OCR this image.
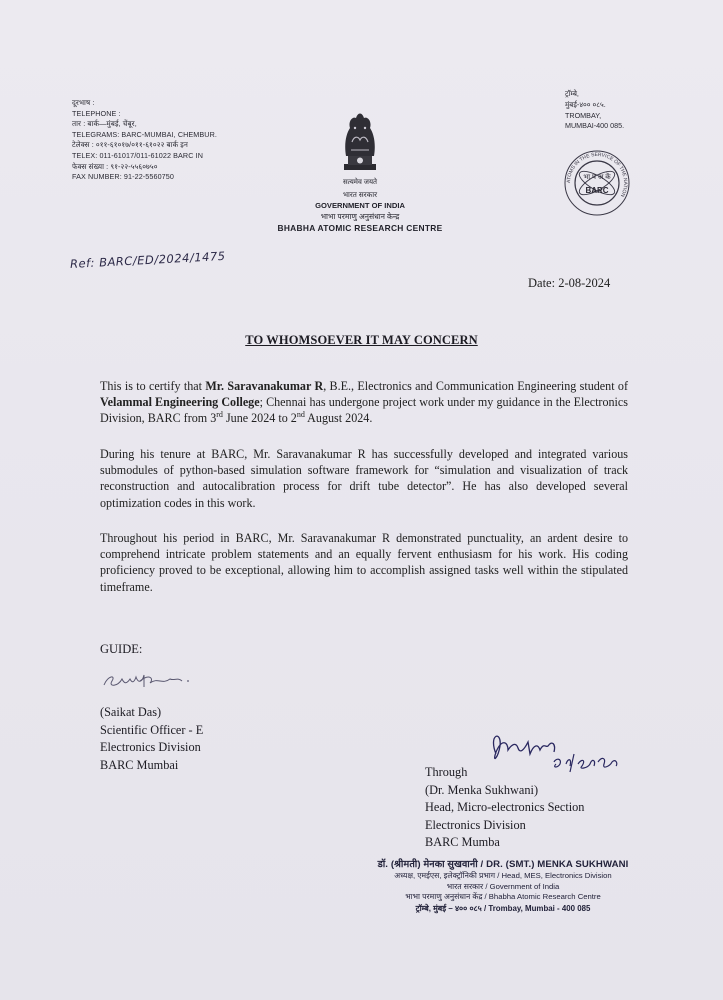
दूरभाष :
TELEPHONE :
तार : बार्क—मुंबई, चेंबूर,
TELEGRAMS: BARC-MUMBAI, CHEMBUR.
टेलेक्स : ०११-६१०१७/०११-६१०२२ बार्क इन
TELEX: 011-61017/011-61022 BARC IN
फेक्स संख्या : ९१-२२-५५६०७५०
FAX NUMBER: 91-22-5560750
ट्रॉम्बे,
मुंबई-४०० ०८५.
TROMBAY,
MUMBAI-400 085.
सत्यमेव जयते
भारत सरकार
GOVERNMENT OF INDIA
भाभा परमाणु अनुसंधान केन्द्र
BHABHA ATOMIC RESEARCH CENTRE
ATOMS IN THE SERVICE OF THE NATION
भा प अ कें
BARC
Ref: BARC/ED/2024/1475
Date: 2-08-2024
TO WHOMSOEVER IT MAY CONCERN
This is to certify that Mr. Saravanakumar R, B.E., Electronics and Communication Engineering student of Velammal Engineering College; Chennai has undergone project work under my guidance in the Electronics Division, BARC from 3rd June 2024 to 2nd August 2024.
During his tenure at BARC, Mr. Saravanakumar R has successfully developed and integrated various submodules of python-based simulation software framework for “simulation and visualization of track reconstruction and autocalibration process for drift tube detector”. He has also developed several optimization codes in this work.
Throughout his period in BARC, Mr. Saravanakumar R demonstrated punctuality, an ardent desire to comprehend intricate problem statements and an equally fervent enthusiasm for his work. His coding proficiency proved to be exceptional, allowing him to accomplish assigned tasks well within the stipulated timeframe.
GUIDE:
(Saikat Das)
Scientific Officer - E
Electronics Division
BARC Mumbai
Through
(Dr. Menka Sukhwani)
Head, Micro-electronics Section
Electronics Division
BARC Mumba
डॉ. (श्रीमती) मेनका सुखवानी / DR. (SMT.) MENKA SUKHWANI
अध्यक्ष, एमईएस, इलेक्ट्रॉनिकी प्रभाग / Head, MES, Electronics Division
भारत सरकार / Government of India
भाभा परमाणु अनुसंधान केंद्र / Bhabha Atomic Research Centre
ट्रॉम्बे, मुंबई – ४०० ०८५ / Trombay, Mumbai - 400 085
